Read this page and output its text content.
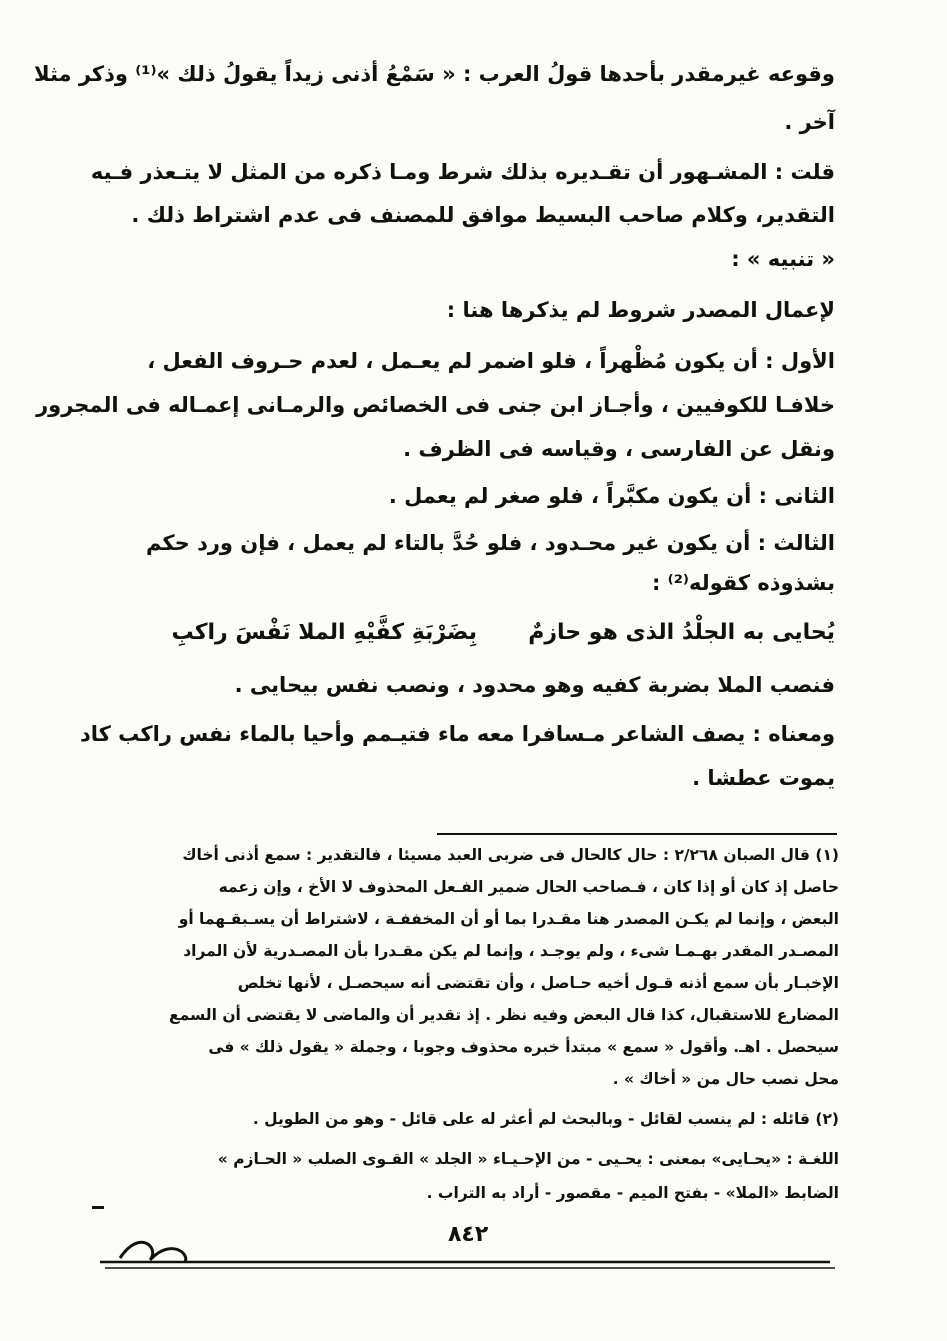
وقوعه غيرمقدر بأحدها قولُ العرب : « سَمْعُ أذنى زيداً يقولُ ذلك »⁽¹⁾ وذكر مثلا
آخر .
قلت : المشـهور أن تقـديره بذلك شرط ومـا ذكره من المثل لا يتـعذر فـيه
التقدير، وكلام صاحب البسيط موافق للمصنف فى عدم اشتراط ذلك .
« تنبيه » :
لإعمال المصدر شروط لم يذكرها هنا :
الأول : أن يكون مُظْهراً ، فلو اضمر لم يعـمل ، لعدم حـروف الفعل ،
خلافـا للكوفيين ، وأجـاز ابن جنى فى الخصائص والرمـانى إعمـاله فى المجرور
ونقل عن الفارسى ، وقياسه فى الظرف .
الثانى : أن يكون مكبَّراً ، فلو صغر لم يعمل .
الثالث : أن يكون غير محـدود ، فلو حُدَّ بالتاء لم يعمل ، فإن ورد حكم
بشذوذه كقوله⁽²⁾ :
يُحايى به الجلْدُ الذى هو حازمٌ
بِضَرْبَةِ كفَّيْهِ الملا نَفْسَ راكبِ
فنصب الملا بضربة كفيه وهو محدود ، ونصب نفس بيحايى .
ومعناه : يصف الشاعر مـسافرا معه ماء فتيـمم وأحيا بالماء نفس راكب كاد
يموت عطشا .
(١) قال الصبان ٢/٢٦٨ : حال كالحال فى ضربى العبد مسيئا ، فالتقدير : سمع أذنى أخاك
حاصل إذ كان أو إذا كان ، فـصاحب الحال ضمير الفـعل المحذوف لا الأخ ، وإن زعمه
البعض ، وإنما لم يكـن المصدر هنا مقـدرا بما أو أن المخففـة ، لاشتراط أن يسـبقـهما أو
المصـدر المقدر بهـمـا شىء ، ولم يوجـد ، وإنما لم يكن مقـدرا بأن المصـدرية لأن المراد
الإخبـار بأن سمع أذنه قـول أخيه حـاصل ، وأن تقتضى أنه سيحصـل ، لأنها تخلص
المضارع للاستقبال، كذا قال البعض وفيه نظر . إذ تقدير أن والماضى لا يقتضى أن السمع
سيحصل . اهـ. وأقول « سمع » مبتدأ خبره محذوف وجوبا ، وجملة « يقول ذلك » فى
محل نصب حال من « أخاك » .
(٢) قائله : لم ينسب لقائل - وبالبحث لم أعثر له على قائل - وهو من الطويل .
اللغـة : «يحـايى» بمعنى : يحـيى - من الإحـيـاء « الجلد » القـوى الصلب « الحـازم »
الضابط «الملا» - بفتح الميم - مقصور - أراد به التراب .
٨٤٢
